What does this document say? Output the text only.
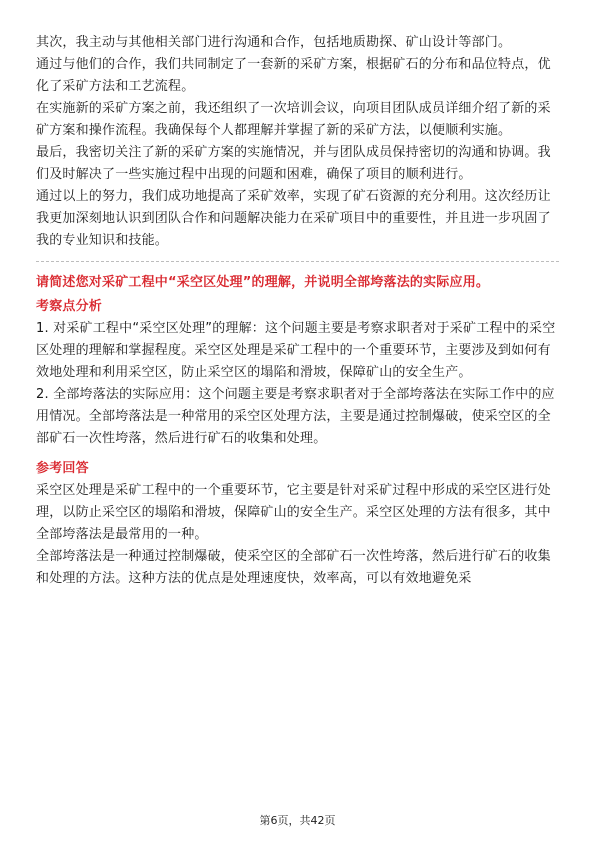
其次，我主动与其他相关部门进行沟通和合作，包括地质勘探、矿山设计等部门。

通过与他们的合作，我们共同制定了一套新的采矿方案，根据矿石的分布和品位特点，优化了采矿方法和工艺流程。

在实施新的采矿方案之前，我还组织了一次培训会议，向项目团队成员详细介绍了新的采矿方案和操作流程。我确保每个人都理解并掌握了新的采矿方法，以便顺利实施。

最后，我密切关注了新的采矿方案的实施情况，并与团队成员保持密切的沟通和协调。我们及时解决了一些实施过程中出现的问题和困难，确保了项目的顺利进行。

通过以上的努力，我们成功地提高了采矿效率，实现了矿石资源的充分利用。这次经历让我更加深刻地认识到团队合作和问题解决能力在采矿项目中的重要性，并且进一步巩固了我的专业知识和技能。

请简述您对采矿工程中“采空区处理”的理解，并说明全部垮落法的实际应用。

考察点分析

1. 对采矿工程中“采空区处理”的理解：这个问题主要是考察求职者对于采矿工程中的采空区处理的理解和掌握程度。采空区处理是采矿工程中的一个重要环节，主要涉及到如何有效地处理和利用采空区，防止采空区的塌陷和滑坡，保障矿山的安全生产。

2. 全部垮落法的实际应用：这个问题主要是考察求职者对于全部垮落法在实际工作中的应用情况。全部垮落法是一种常用的采空区处理方法，主要是通过控制爆破，使采空区的全部矿石一次性垮落，然后进行矿石的收集和处理。

参考回答

采空区处理是采矿工程中的一个重要环节，它主要是针对采矿过程中形成的采空区进行处理，以防止采空区的塌陷和滑坡，保障矿山的安全生产。采空区处理的方法有很多，其中全部垮落法是最常用的一种。

全部垮落法是一种通过控制爆破，使采空区的全部矿石一次性垮落，然后进行矿石的收集和处理的方法。这种方法的优点是处理速度快，效率高，可以有效地避免采

第6页，共42页
